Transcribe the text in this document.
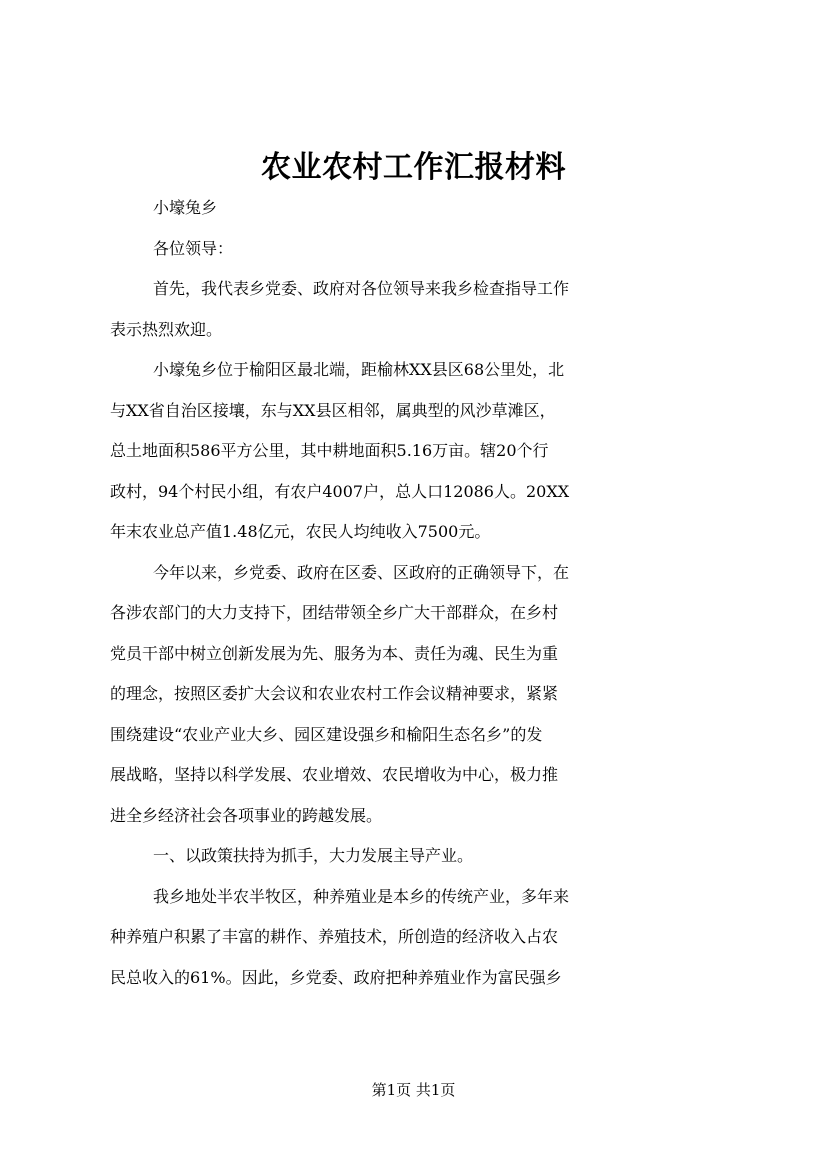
农业农村工作汇报材料
小壕兔乡
各位领导：
首先，我代表乡党委、政府对各位领导来我乡检查指导工作
表示热烈欢迎。
小壕兔乡位于榆阳区最北端，距榆林XX县区68公里处，北
与XX省自治区接壤，东与XX县区相邻，属典型的风沙草滩区，
总土地面积586平方公里，其中耕地面积5.16万亩。辖20个行
政村，94个村民小组，有农户4007户，总人口12086人。20XX
年末农业总产值1.48亿元，农民人均纯收入7500元。
今年以来，乡党委、政府在区委、区政府的正确领导下，在
各涉农部门的大力支持下，团结带领全乡广大干部群众，在乡村
党员干部中树立创新发展为先、服务为本、责任为魂、民生为重
的理念，按照区委扩大会议和农业农村工作会议精神要求，紧紧
围绕建设“农业产业大乡、园区建设强乡和榆阳生态名乡”的发
展战略，坚持以科学发展、农业增效、农民增收为中心，极力推
进全乡经济社会各项事业的跨越发展。
一、以政策扶持为抓手，大力发展主导产业。
我乡地处半农半牧区，种养殖业是本乡的传统产业，多年来
种养殖户积累了丰富的耕作、养殖技术，所创造的经济收入占农
民总收入的61%。因此，乡党委、政府把种养殖业作为富民强乡
第1页 共1页
